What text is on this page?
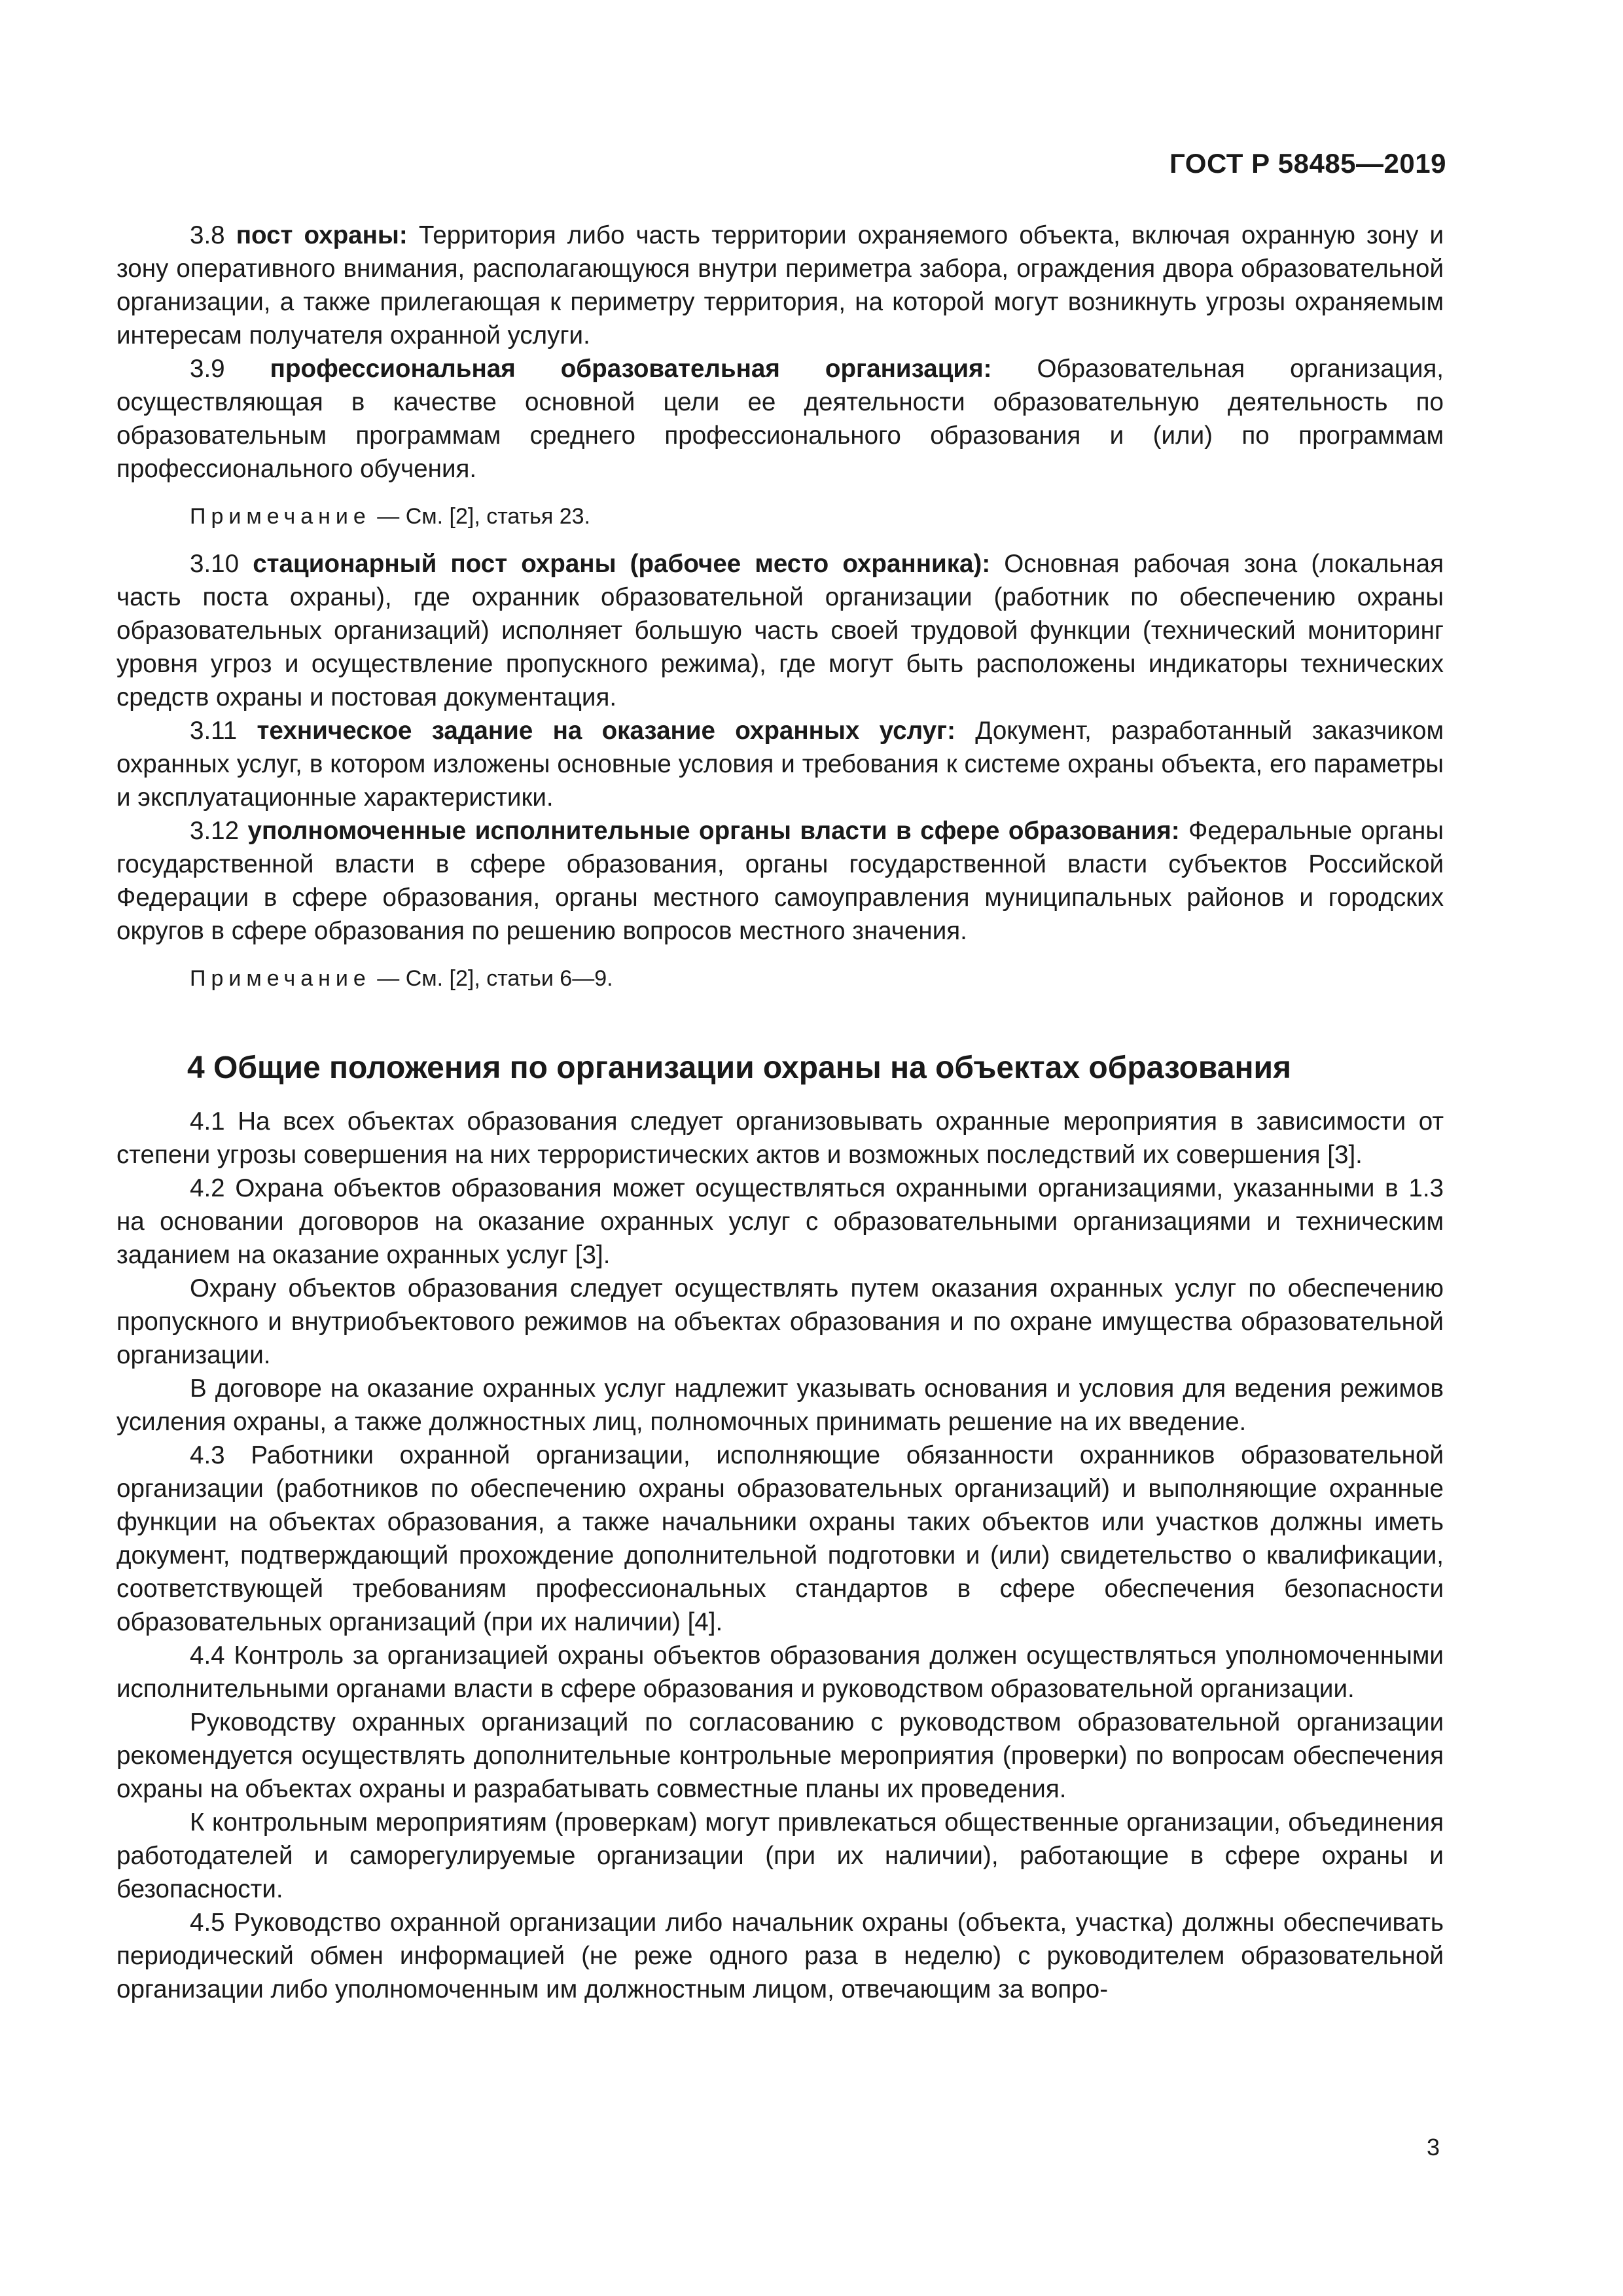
ГОСТ Р 58485—2019

3.8 пост охраны: Территория либо часть территории охраняемого объекта, включая охранную зону и зону оперативного внимания, располагающуюся внутри периметра забора, ограждения двора образовательной организации, а также прилегающая к периметру территория, на которой могут возникнуть угрозы охраняемым интересам получателя охранной услуги.

3.9 профессиональная образовательная организация: Образовательная организация, осуществляющая в качестве основной цели ее деятельности образовательную деятельность по образовательным программам среднего профессионального образования и (или) по программам профессионального обучения.

Примечание — См. [2], статья 23.

3.10 стационарный пост охраны (рабочее место охранника): Основная рабочая зона (локальная часть поста охраны), где охранник образовательной организации (работник по обеспечению охраны образовательных организаций) исполняет большую часть своей трудовой функции (технический мониторинг уровня угроз и осуществление пропускного режима), где могут быть расположены индикаторы технических средств охраны и постовая документация.

3.11 техническое задание на оказание охранных услуг: Документ, разработанный заказчиком охранных услуг, в котором изложены основные условия и требования к системе охраны объекта, его параметры и эксплуатационные характеристики.

3.12 уполномоченные исполнительные органы власти в сфере образования: Федеральные органы государственной власти в сфере образования, органы государственной власти субъектов Российской Федерации в сфере образования, органы местного самоуправления муниципальных районов и городских округов в сфере образования по решению вопросов местного значения.

Примечание — См. [2], статьи 6—9.

4 Общие положения по организации охраны на объектах образования

4.1 На всех объектах образования следует организовывать охранные мероприятия в зависимости от степени угрозы совершения на них террористических актов и возможных последствий их совершения [3].

4.2 Охрана объектов образования может осуществляться охранными организациями, указанными в 1.3 на основании договоров на оказание охранных услуг с образовательными организациями и техническим заданием на оказание охранных услуг [3].

Охрану объектов образования следует осуществлять путем оказания охранных услуг по обеспечению пропускного и внутриобъектового режимов на объектах образования и по охране имущества образовательной организации.

В договоре на оказание охранных услуг надлежит указывать основания и условия для ведения режимов усиления охраны, а также должностных лиц, полномочных принимать решение на их введение.

4.3 Работники охранной организации, исполняющие обязанности охранников образовательной организации (работников по обеспечению охраны образовательных организаций) и выполняющие охранные функции на объектах образования, а также начальники охраны таких объектов или участков должны иметь документ, подтверждающий прохождение дополнительной подготовки и (или) свидетельство о квалификации, соответствующей требованиям профессиональных стандартов в сфере обеспечения безопасности образовательных организаций (при их наличии) [4].

4.4 Контроль за организацией охраны объектов образования должен осуществляться уполномоченными исполнительными органами власти в сфере образования и руководством образовательной организации.

Руководству охранных организаций по согласованию с руководством образовательной организации рекомендуется осуществлять дополнительные контрольные мероприятия (проверки) по вопросам обеспечения охраны на объектах охраны и разрабатывать совместные планы их проведения.

К контрольным мероприятиям (проверкам) могут привлекаться общественные организации, объединения работодателей и саморегулируемые организации (при их наличии), работающие в сфере охраны и безопасности.

4.5 Руководство охранной организации либо начальник охраны (объекта, участка) должны обеспечивать периодический обмен информацией (не реже одного раза в неделю) с руководителем образовательной организации либо уполномоченным им должностным лицом, отвечающим за вопро-

3
